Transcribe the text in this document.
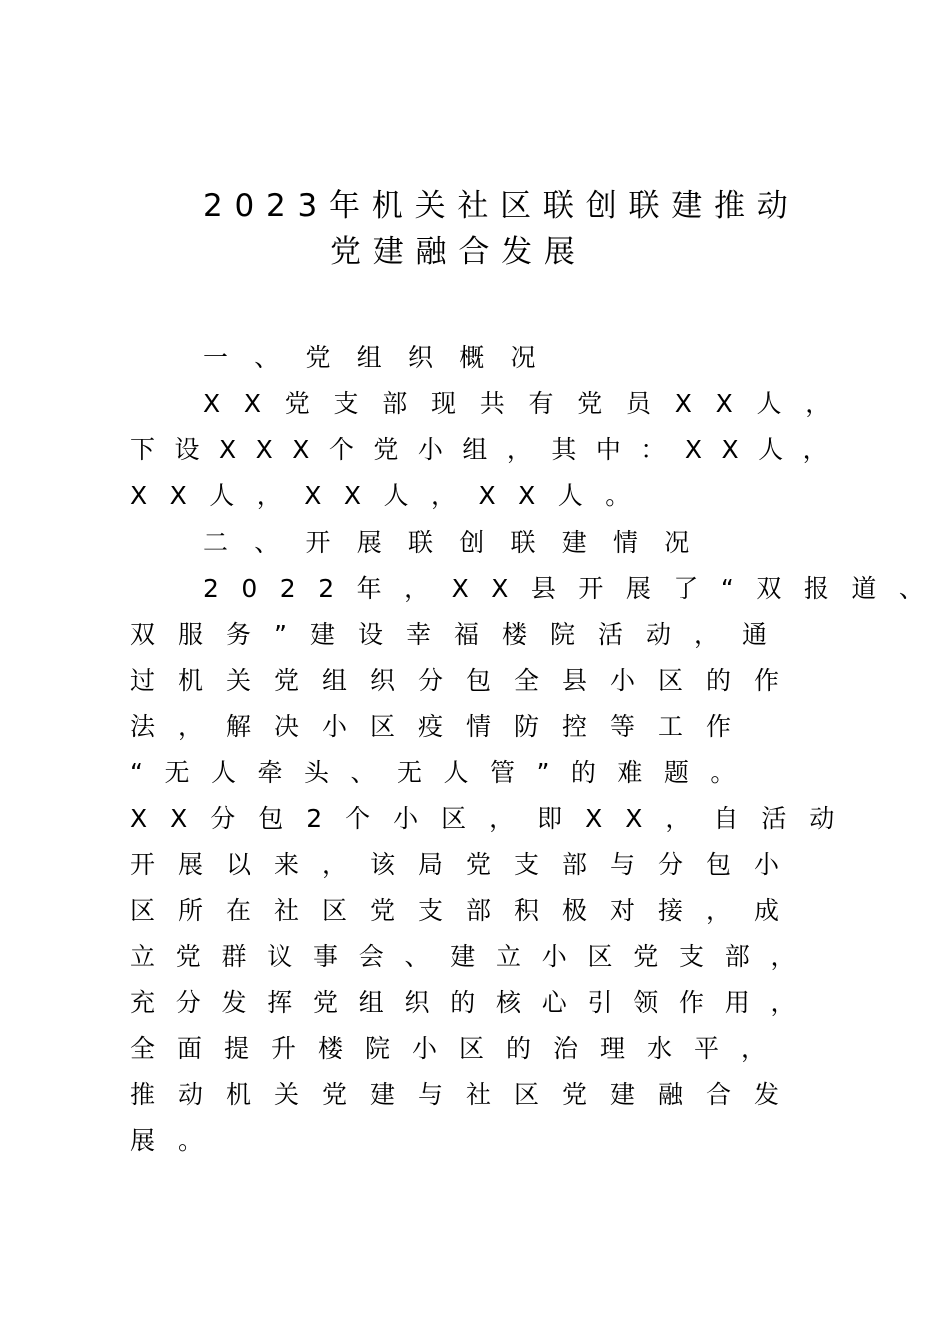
2023年机关社区联创联建推动

党建融合发展

一、党组织概况

XX党支部现共有党员XX人，

下设XXX个党小组，其中：XX人，

XX人，XX人，XX人。

二、开展联创联建情况

2022年，XX县开展了“双报道、

双服务”建设幸福楼院活动，通

过机关党组织分包全县小区的作

法，解决小区疫情防控等工作

“无人牵头、无人管”的难题。

XX分包2个小区，即XX，自活动

开展以来，该局党支部与分包小

区所在社区党支部积极对接，成

立党群议事会、建立小区党支部，

充分发挥党组织的核心引领作用，

全面提升楼院小区的治理水平，

推动机关党建与社区党建融合发

展。
